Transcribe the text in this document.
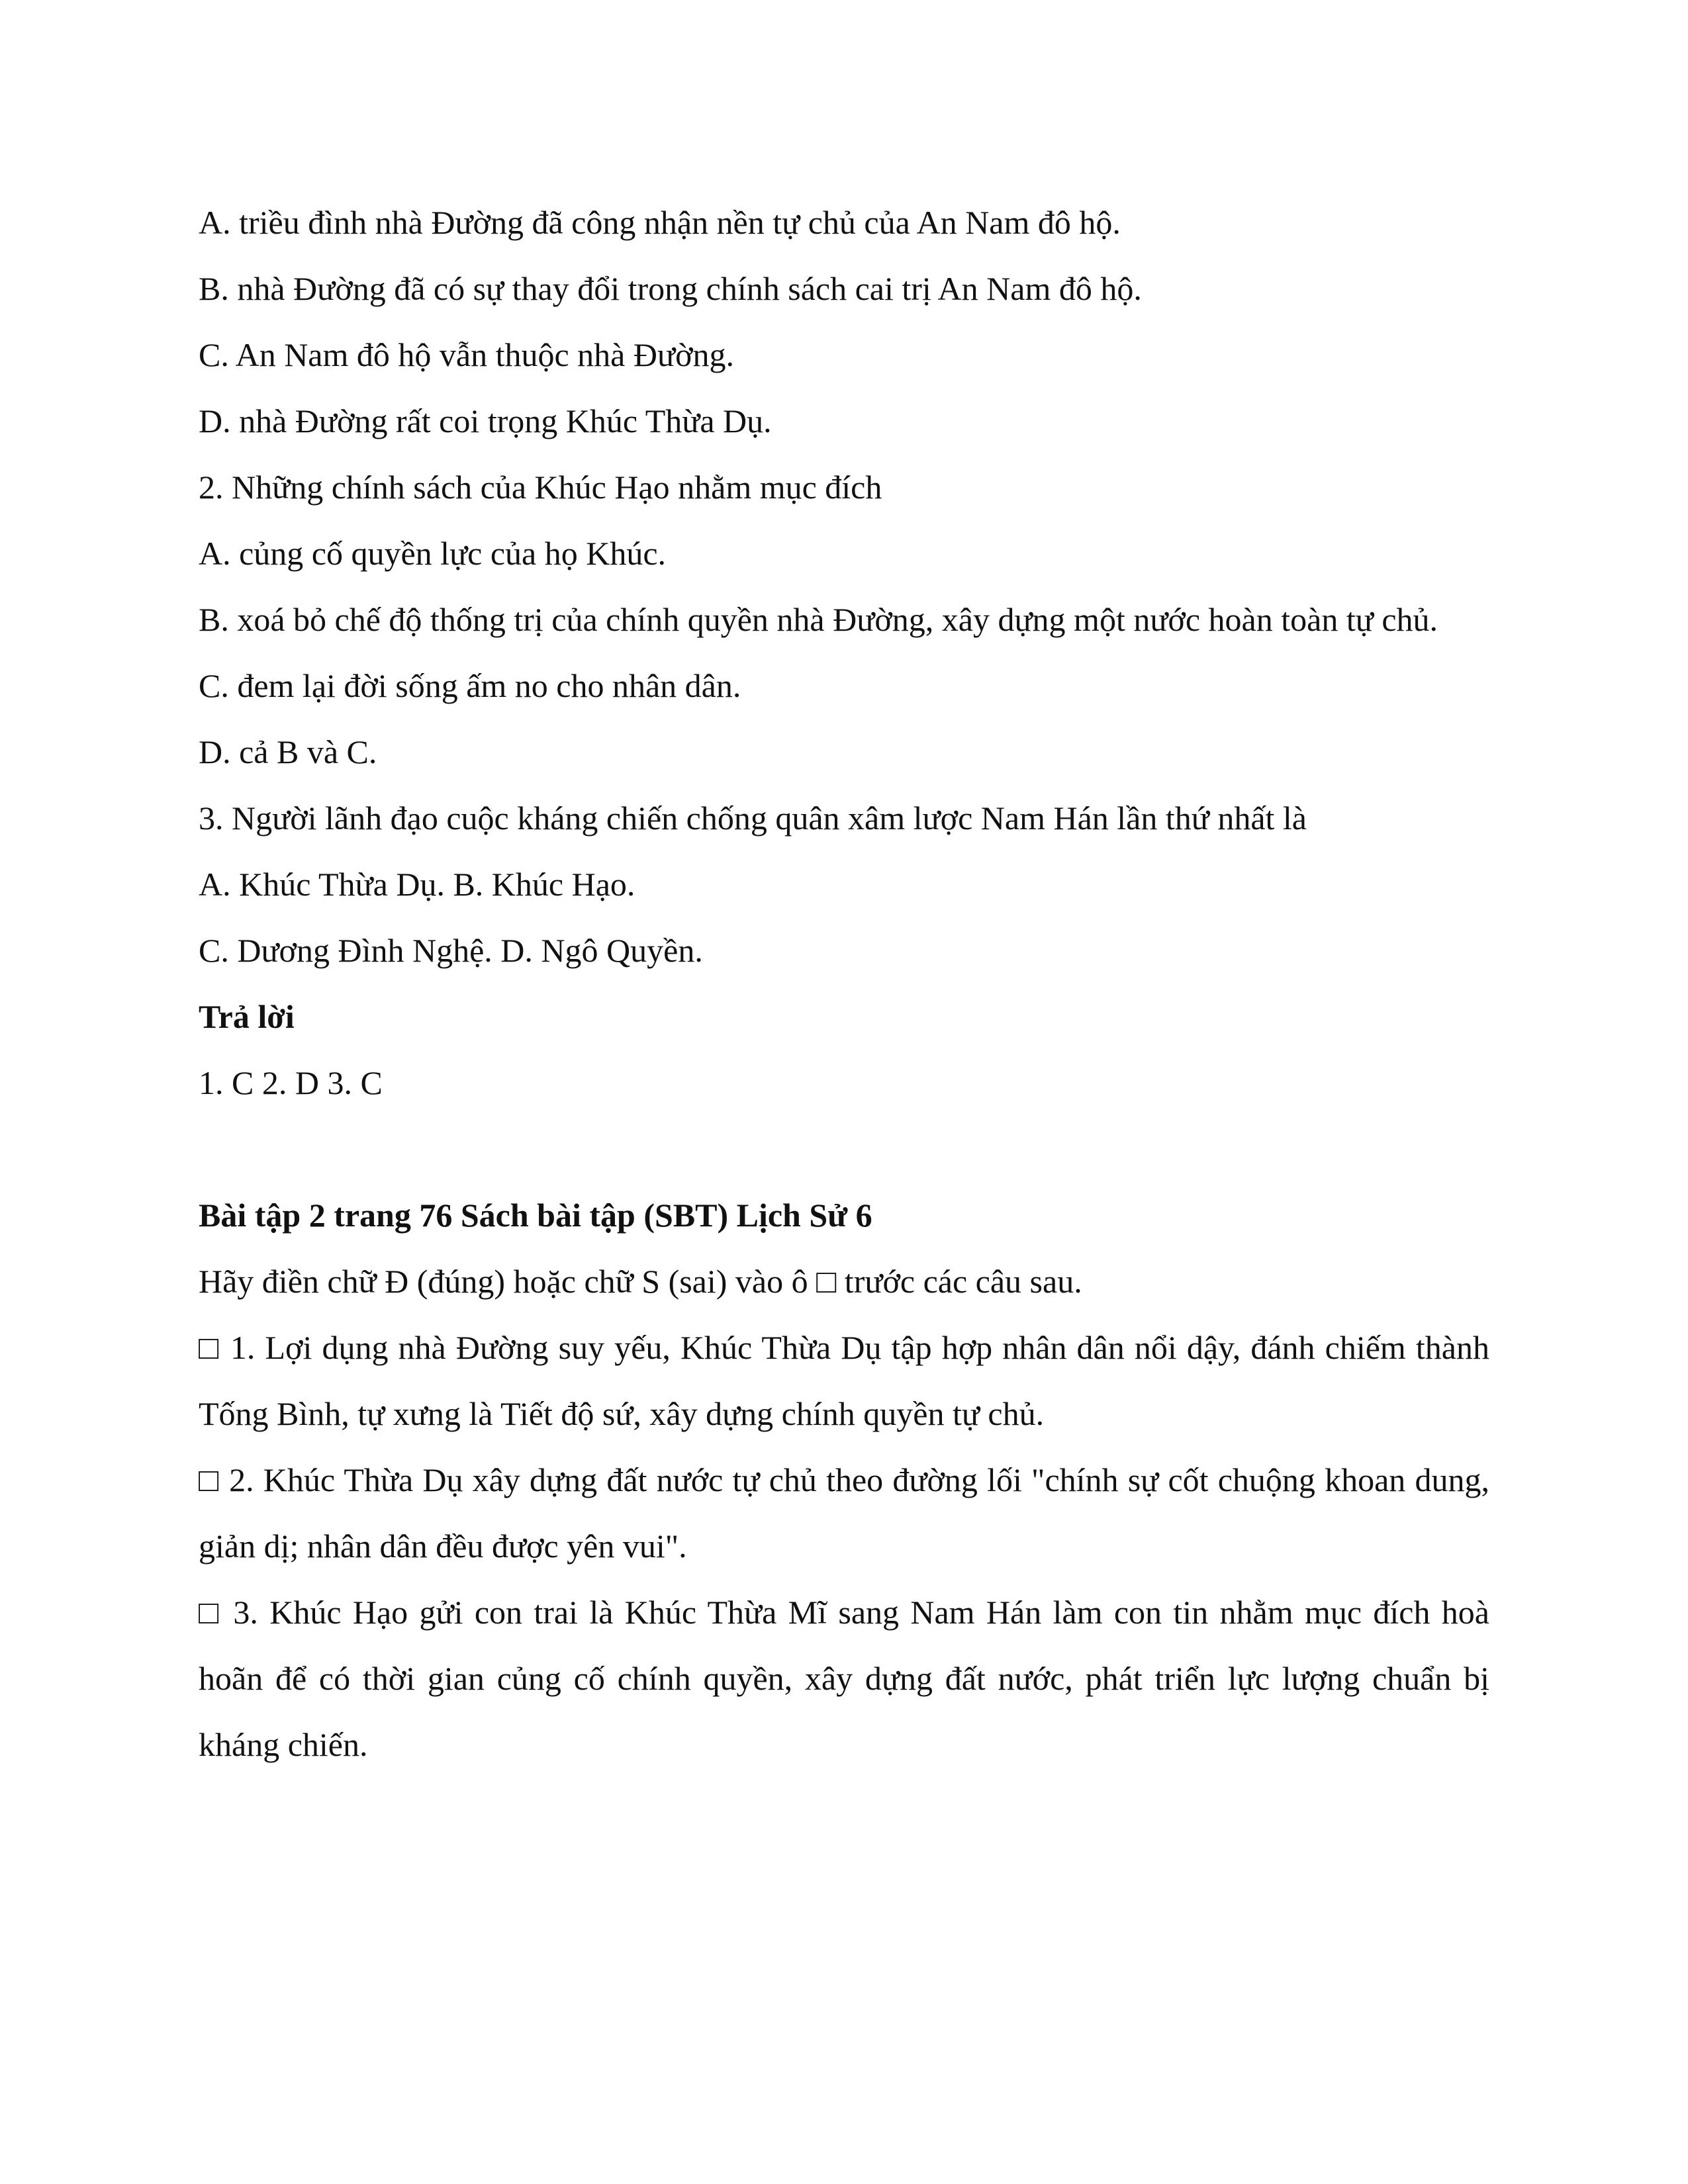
A. triều đình nhà Đường đã công nhận nền tự chủ của An Nam đô hộ.

B. nhà Đường đã có sự thay đổi trong chính sách cai trị An Nam đô hộ.

C. An Nam đô hộ vẫn thuộc nhà Đường.

D. nhà Đường rất coi trọng Khúc Thừa Dụ.

2. Những chính sách của Khúc Hạo nhằm mục đích

A. củng cố quyền lực của họ Khúc.

B. xoá bỏ chế độ thống trị của chính quyền nhà Đường, xây dựng một nước hoàn toàn tự chủ.

C. đem lại đời sống ấm no cho nhân dân.

D. cả B và C.

3. Người lãnh đạo cuộc kháng chiến chống quân xâm lược Nam Hán lần thứ nhất là

A. Khúc Thừa Dụ. B. Khúc Hạo.

C. Dương Đình Nghệ. D. Ngô Quyền.

Trả lời

1. C 2. D 3. C

Bài tập 2 trang 76 Sách bài tập (SBT) Lịch Sử 6

Hãy điền chữ Đ (đúng) hoặc chữ S (sai) vào ô □ trước các câu sau.

□ 1. Lợi dụng nhà Đường suy yếu, Khúc Thừa Dụ tập hợp nhân dân nổi dậy, đánh chiếm thành Tống Bình, tự xưng là Tiết độ sứ, xây dựng chính quyền tự chủ.

□ 2. Khúc Thừa Dụ xây dựng đất nước tự chủ theo đường lối "chính sự cốt chuộng khoan dung, giản dị; nhân dân đều được yên vui".

□ 3. Khúc Hạo gửi con trai là Khúc Thừa Mĩ sang Nam Hán làm con tin nhằm mục đích hoà hoãn để có thời gian củng cố chính quyền, xây dựng đất nước, phát triển lực lượng chuẩn bị kháng chiến.
